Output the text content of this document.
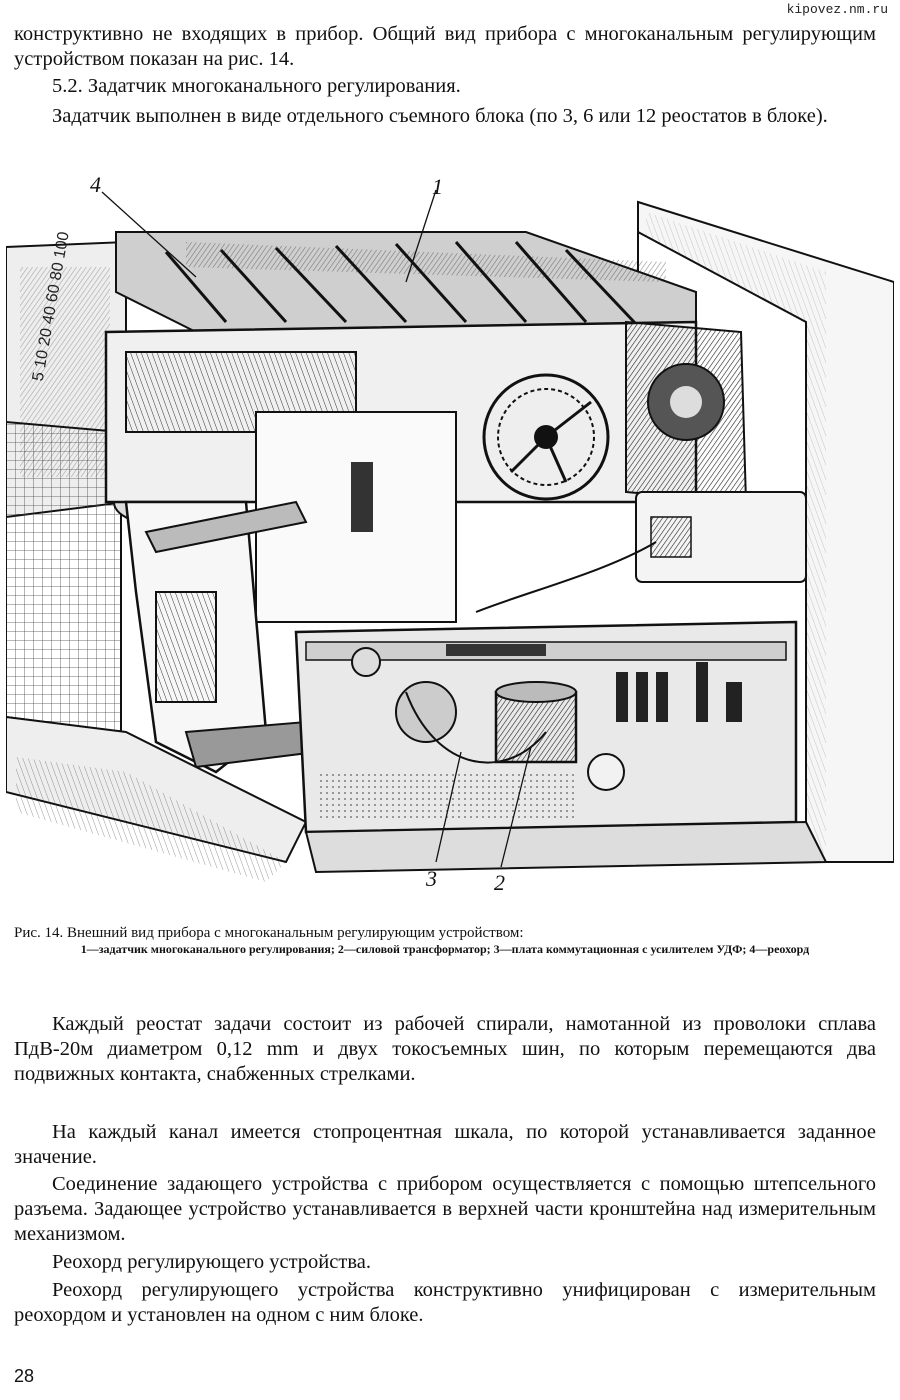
kipovez.nm.ru

конструктивно не входящих в прибор. Общий вид прибора с многоканальным регулирующим устройством показан на рис. 14.

5.2. Задатчик многоканального регулирования.

Задатчик выполнен в виде отдельного съемного блока (по 3, 6 или 12 реостатов в блоке).

5 10 20 40 60 80 100
4	1
3	2
Рис. 14. Внешний вид прибора с многоканальным регулирующим устройством:
1—задатчик многоканального регулирования; 2—силовой трансформатор; 3—плата коммутационная с усилителем УДФ; 4—реохорд

Каждый реостат задачи состоит из рабочей спирали, намотанной из проволоки сплава ПдВ-20м диаметром 0,12 mm и двух токосъемных шин, по которым перемещаются два подвижных контакта, снабженных стрелками.

На каждый канал имеется стопроцентная шкала, по которой устанавливается заданное значение.

Соединение задающего устройства с прибором осуществляется с помощью штепсельного разъема. Задающее устройство устанавливается в верхней части кронштейна над измерительным механизмом.

Реохорд регулирующего устройства.

Реохорд регулирующего устройства конструктивно унифицирован с измерительным реохордом и установлен на одном с ним блоке.

28
